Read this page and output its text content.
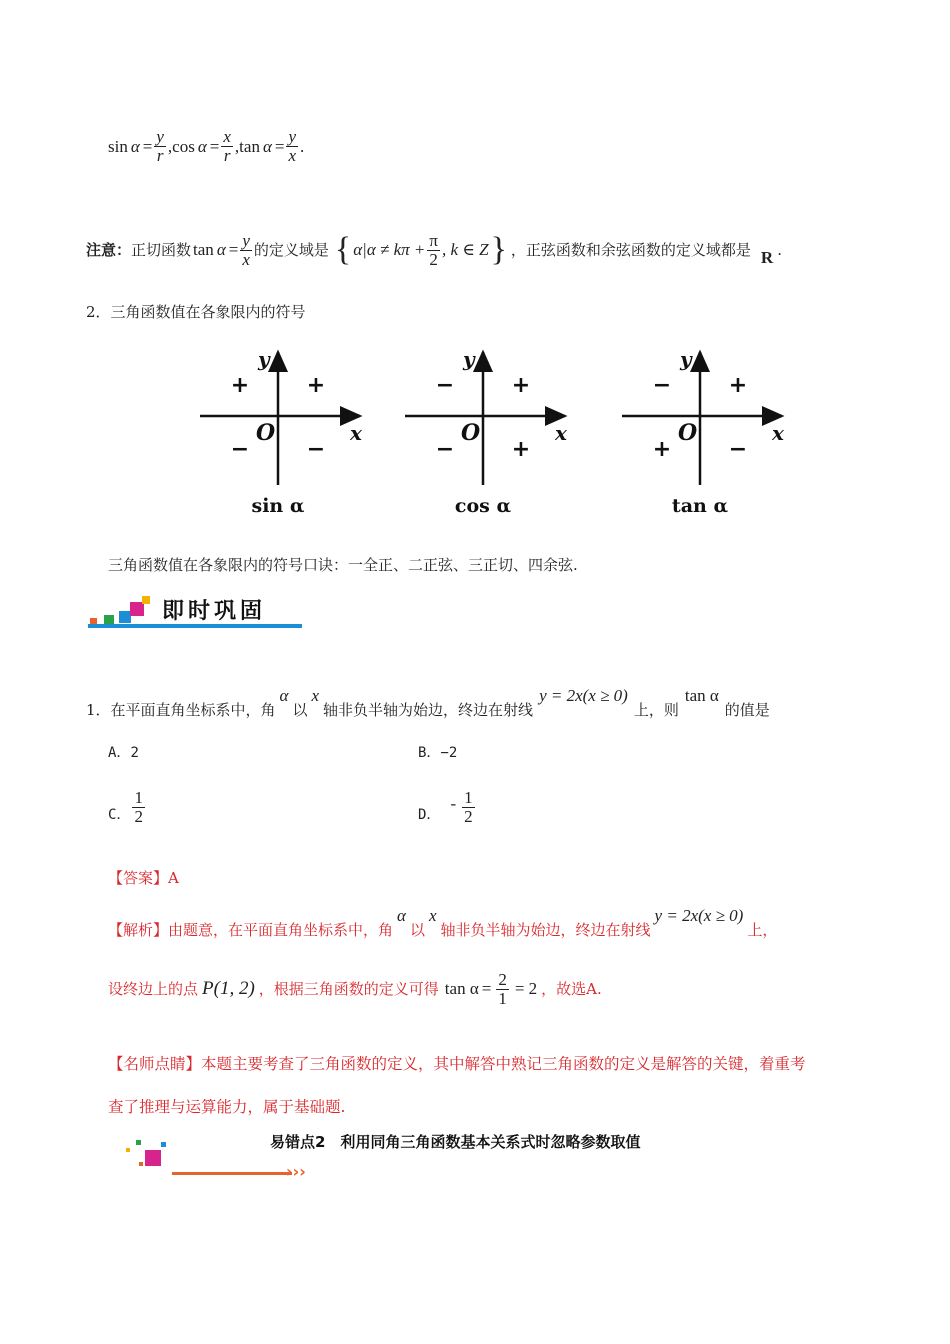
$\sin \alpha = \frac{y}{r}$ , $\cos \alpha = \frac{x}{r}$ , $\tan \alpha = \frac{y}{x}$ .
注意： 正切函数 $\tan \alpha = \frac{y}{x}$ 的定义域是 { $\alpha|\alpha \ne k\pi + \frac{\pi}{2}$ , k ∈ Z } ，正弦函数和余弦函数的定义域都是 R .
2．三角函数值在各象限内的符号
y
x
O
+
+
−	−
sin α
y
x
O
+
−
−	+
cos α
y
x
O
+
−
+	−
tan α
三角函数值在各象限内的符号口诀：一全正、二正弦、三正切、四余弦.
即时巩固
1．在平面直角坐标系中，角
α
以
x
轴非负半轴为始边，终边在射线
y = 2x(x ≥ 0)
上，则
tan α
的值是
A．2	B．−2
C． $\frac{1}{2}$	D．
- $\frac{1}{2}$
【答案】A
【解析】 由题意，在平面直角坐标系中，角
α
以
x
轴非负半轴为始边，终边在射线
y = 2x(x ≥ 0)
上，
设终边上的点 P(1, 2) ，根据三角函数的定义可得 $\tan \alpha = \frac{2}{1} = 2$ ，故选A.
【名师点睛】本题主要考查了三角函数的定义，其中解答中熟记三角函数的定义是解答的关键，着重考
查了推理与运算能力，属于基础题.
›››
易错点2　利用同角三角函数基本关系式时忽略参数取值
